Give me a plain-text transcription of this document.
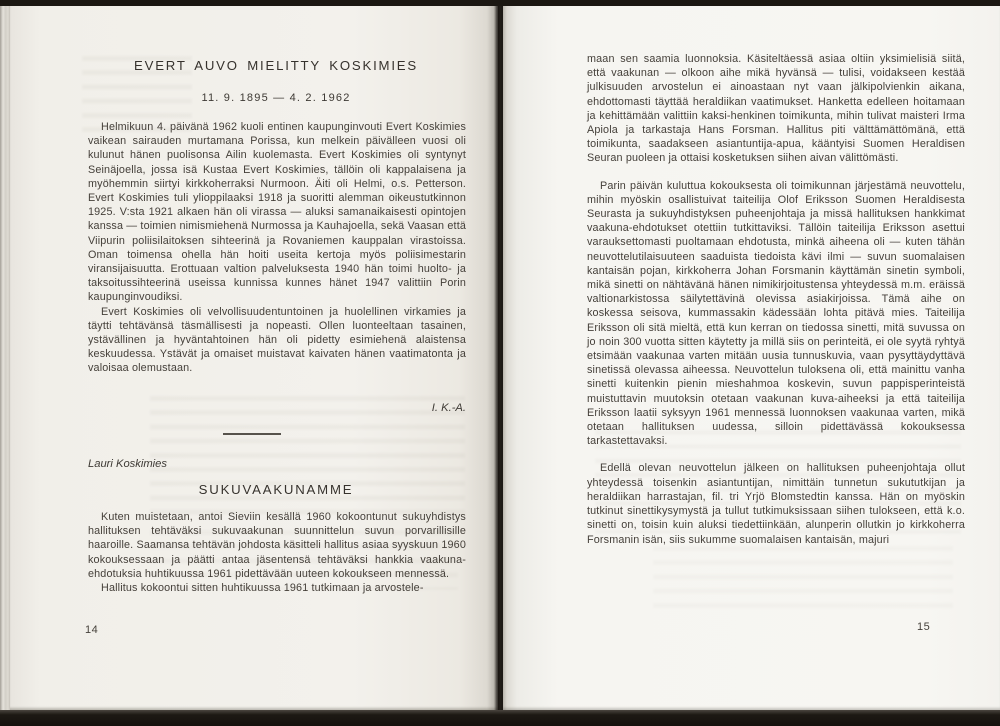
EVERT AUVO MIELITTY KOSKIMIES
11. 9. 1895 — 4. 2. 1962

Helmikuun 4. päivänä 1962 kuoli entinen kaupunginvouti Evert Koskimies vaikean sairauden murtamana Porissa, kun melkein päivälleen vuosi oli kulunut hänen puolisonsa Ailin kuolemasta. Evert Koskimies oli syntynyt Seinäjoella, jossa isä Kustaa Evert Koskimies, tällöin oli kappalaisena ja myöhemmin siirtyi kirkkoherraksi Nurmoon. Äiti oli Helmi, o.s. Petterson. Evert Koskimies tuli ylioppilaaksi 1918 ja suoritti alemman oikeustutkinnon 1925. V:sta 1921 alkaen hän oli virassa — aluksi samanaikaisesti opintojen kanssa — toimien nimismiehenä Nurmossa ja Kauhajoella, sekä Vaasan että Viipurin poliisilaitoksen sihteerinä ja Rovaniemen kauppalan virastoissa. Oman toimensa ohella hän hoiti useita kertoja myös poliisimestarin viransijaisuutta. Erottuaan valtion palveluksesta 1940 hän toimi huolto- ja taksoitussihteerinä useissa kunnissa kunnes hänet 1947 valittiin Porin kaupunginvoudiksi.

Evert Koskimies oli velvollisuudentuntoinen ja huolellinen virkamies ja täytti tehtävänsä täsmällisesti ja nopeasti. Ollen luonteeltaan tasainen, ystävällinen ja hyväntahtoinen hän oli pidetty esimiehenä alaistensa keskuudessa. Ystävät ja omaiset muistavat kaivaten hänen vaatimatonta ja valoisaa olemustaan.

I. K.-A.
Lauri Koskimies
SUKUVAAKUNAMME

Kuten muistetaan, antoi Sieviin kesällä 1960 kokoontunut sukuyhdistys hallituksen tehtäväksi sukuvaakunan suunnittelun suvun porvarillisille haaroille. Saamansa tehtävän johdosta käsitteli hallitus asiaa syyskuun 1960 kokouksessaan ja päätti antaa jäsentensä tehtäväksi hankkia vaakuna-ehdotuksia huhtikuussa 1961 pidettävään uuteen kokoukseen mennessä.

Hallitus kokoontui sitten huhtikuussa 1961 tutkimaan ja arvostele-

14

maan sen saamia luonnoksia. Käsiteltäessä asiaa oltiin yksimielisiä siitä, että vaakunan — olkoon aihe mikä hyvänsä — tulisi, voidakseen kestää julkisuuden arvostelun ei ainoastaan nyt vaan jälkipolvienkin aikana, ehdottomasti täyttää heraldiikan vaatimukset. Hanketta edelleen hoitamaan ja kehittämään valittiin kaksi-henkinen toimikunta, mihin tulivat maisteri Irma Apiola ja tarkastaja Hans Forsman. Hallitus piti välttämättömänä, että toimikunta, saadakseen asiantuntija-apua, kääntyisi Suomen Heraldisen Seuran puoleen ja ottaisi kosketuksen siihen aivan välittömästi.

Parin päivän kuluttua kokouksesta oli toimikunnan järjestämä neuvottelu, mihin myöskin osallistuivat taiteilija Olof Eriksson Suomen Heraldisesta Seurasta ja sukuyhdistyksen puheenjohtaja ja missä hallituksen hankkimat vaakuna-ehdotukset otettiin tutkittaviksi. Tällöin taiteilija Eriksson asettui varauksettomasti puoltamaan ehdotusta, minkä aiheena oli — kuten tähän neuvottelutilaisuuteen saaduista tiedoista kävi ilmi — suvun suomalaisen kantaisän pojan, kirkkoherra Johan Forsmanin käyttämän sinetin symboli, mikä sinetti on nähtävänä hänen nimikirjoitustensa yhteydessä m.m. eräissä valtionarkistossa säilytettävinä olevissa asiakirjoissa. Tämä aihe on koskessa seisova, kummassakin kädessään lohta pitävä mies. Taiteilija Eriksson oli sitä mieltä, että kun kerran on tiedossa sinetti, mitä suvussa on jo noin 300 vuotta sitten käytetty ja millä siis on perinteitä, ei ole syytä ryhtyä etsimään vaakunaa varten mitään uusia tunnuskuvia, vaan pysyttäydyttävä sinetissä olevassa aiheessa. Neuvottelun tuloksena oli, että mainittu vanha sinetti kuitenkin pienin mieshahmoa koskevin, suvun pappisperinteistä muistuttavin muutoksin otetaan vaakunan kuva-aiheeksi ja että taiteilija Eriksson laatii syksyyn 1961 mennessä luonnoksen vaakunaa varten, mikä otetaan hallituksen uudessa, silloin pidettävässä kokouksessa tarkastettavaksi.

Edellä olevan neuvottelun jälkeen on hallituksen puheenjohtaja ollut yhteydessä toisenkin asiantuntijan, nimittäin tunnetun sukututkijan ja heraldiikan harrastajan, fil. tri Yrjö Blomstedtin kanssa. Hän on myöskin tutkinut sinettikysymystä ja tullut tutkimuksissaan siihen tulokseen, että k.o. sinetti on, toisin kuin aluksi tiedettiinkään, alunperin ollutkin jo kirkkoherra Forsmanin isän, siis sukumme suomalaisen kantaisän, majuri

15
